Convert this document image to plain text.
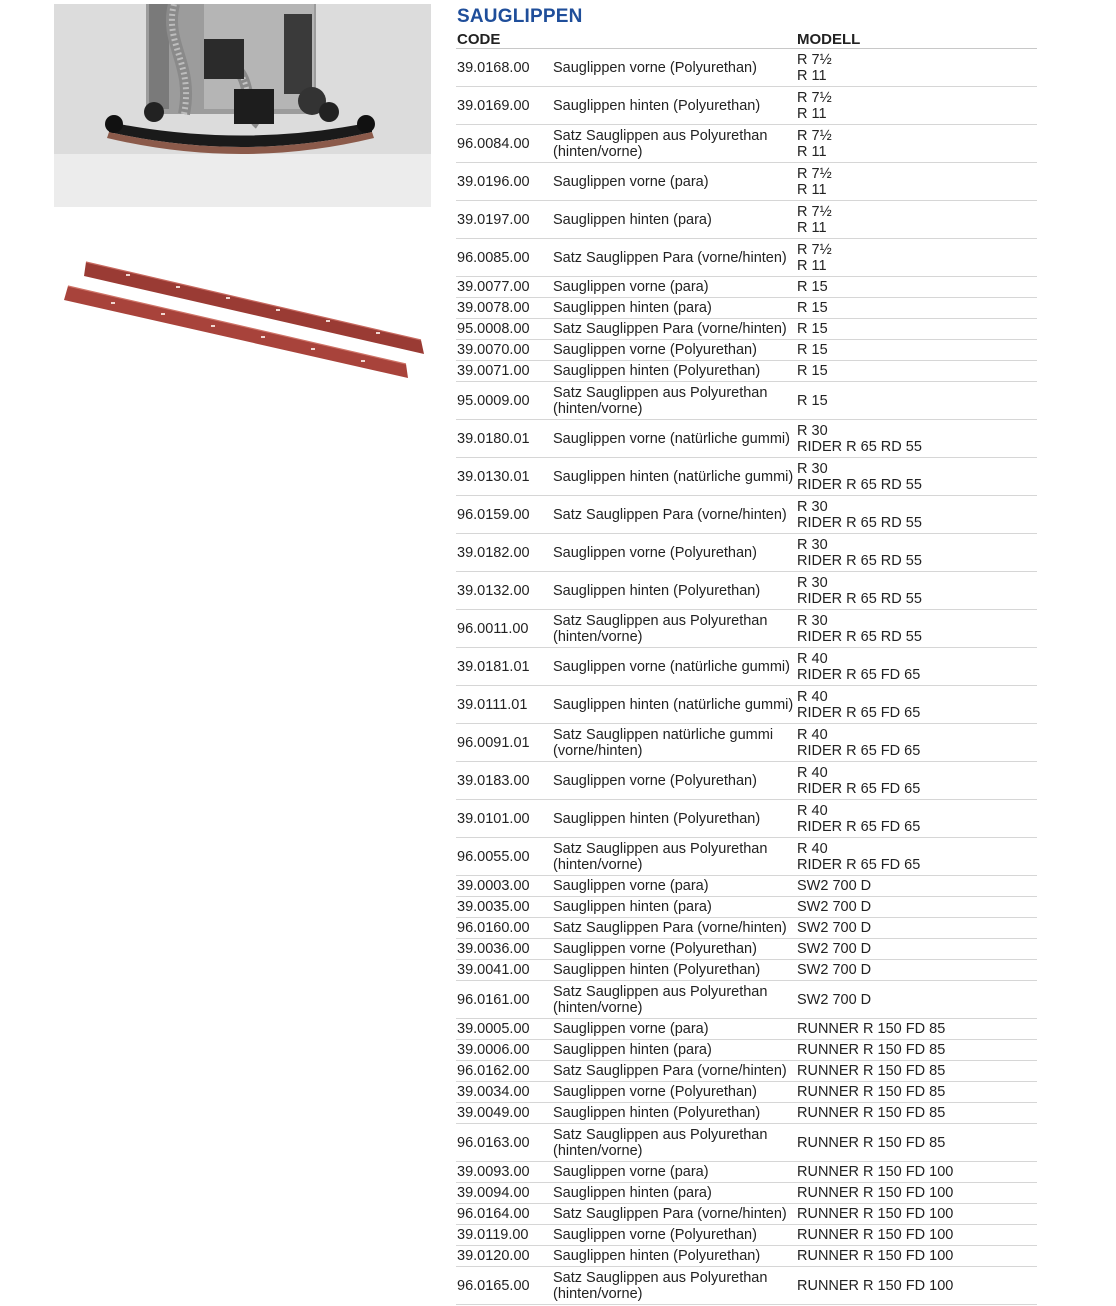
SAUGLIPPEN
CODE		MODELL
39.0168.00	Sauglippen vorne (Polyurethan)	R 7½
R 11
39.0169.00	Sauglippen hinten (Polyurethan)	R 7½
R 11
96.0084.00	Satz Sauglippen aus Polyurethan
(hinten/vorne)	R 7½
R 11
39.0196.00	Sauglippen vorne (para)	R 7½
R 11
39.0197.00	Sauglippen hinten (para)	R 7½
R 11
96.0085.00	Satz Sauglippen Para (vorne/hinten)	R 7½
R 11
39.0077.00	Sauglippen vorne (para)	R 15
39.0078.00	Sauglippen hinten (para)	R 15
95.0008.00	Satz Sauglippen Para (vorne/hinten)	R 15
39.0070.00	Sauglippen vorne (Polyurethan)	R 15
39.0071.00	Sauglippen hinten (Polyurethan)	R 15
95.0009.00	Satz Sauglippen aus Polyurethan
(hinten/vorne)	R 15
39.0180.01	Sauglippen vorne (natürliche gummi)	R 30
RIDER R 65 RD 55
39.0130.01	Sauglippen hinten (natürliche gummi)	R 30
RIDER R 65 RD 55
96.0159.00	Satz Sauglippen Para (vorne/hinten)	R 30
RIDER R 65 RD 55
39.0182.00	Sauglippen vorne (Polyurethan)	R 30
RIDER R 65 RD 55
39.0132.00	Sauglippen hinten (Polyurethan)	R 30
RIDER R 65 RD 55
96.0011.00	Satz Sauglippen aus Polyurethan
(hinten/vorne)	R 30
RIDER R 65 RD 55
39.0181.01	Sauglippen vorne (natürliche gummi)	R 40
RIDER R 65 FD 65
39.0111.01	Sauglippen hinten (natürliche gummi)	R 40
RIDER R 65 FD 65
96.0091.01	Satz Sauglippen natürliche gummi
(vorne/hinten)	R 40
RIDER R 65 FD 65
39.0183.00	Sauglippen vorne (Polyurethan)	R 40
RIDER R 65 FD 65
39.0101.00	Sauglippen hinten (Polyurethan)	R 40
RIDER R 65 FD 65
96.0055.00	Satz Sauglippen aus Polyurethan
(hinten/vorne)	R 40
RIDER R 65 FD 65
39.0003.00	Sauglippen vorne (para)	SW2 700 D
39.0035.00	Sauglippen hinten (para)	SW2 700 D
96.0160.00	Satz Sauglippen Para (vorne/hinten)	SW2 700 D
39.0036.00	Sauglippen vorne (Polyurethan)	SW2 700 D
39.0041.00	Sauglippen hinten (Polyurethan)	SW2 700 D
96.0161.00	Satz Sauglippen aus Polyurethan
(hinten/vorne)	SW2 700 D
39.0005.00	Sauglippen vorne (para)	RUNNER R 150 FD 85
39.0006.00	Sauglippen hinten (para)	RUNNER R 150 FD 85
96.0162.00	Satz Sauglippen Para (vorne/hinten)	RUNNER R 150 FD 85
39.0034.00	Sauglippen vorne (Polyurethan)	RUNNER R 150 FD 85
39.0049.00	Sauglippen hinten (Polyurethan)	RUNNER R 150 FD 85
96.0163.00	Satz Sauglippen aus Polyurethan
(hinten/vorne)	RUNNER R 150 FD 85
39.0093.00	Sauglippen vorne (para)	RUNNER R 150 FD 100
39.0094.00	Sauglippen hinten (para)	RUNNER R 150 FD 100
96.0164.00	Satz Sauglippen Para (vorne/hinten)	RUNNER R 150 FD 100
39.0119.00	Sauglippen vorne (Polyurethan)	RUNNER R 150 FD 100
39.0120.00	Sauglippen hinten (Polyurethan)	RUNNER R 150 FD 100
96.0165.00	Satz Sauglippen aus Polyurethan
(hinten/vorne)	RUNNER R 150 FD 100
